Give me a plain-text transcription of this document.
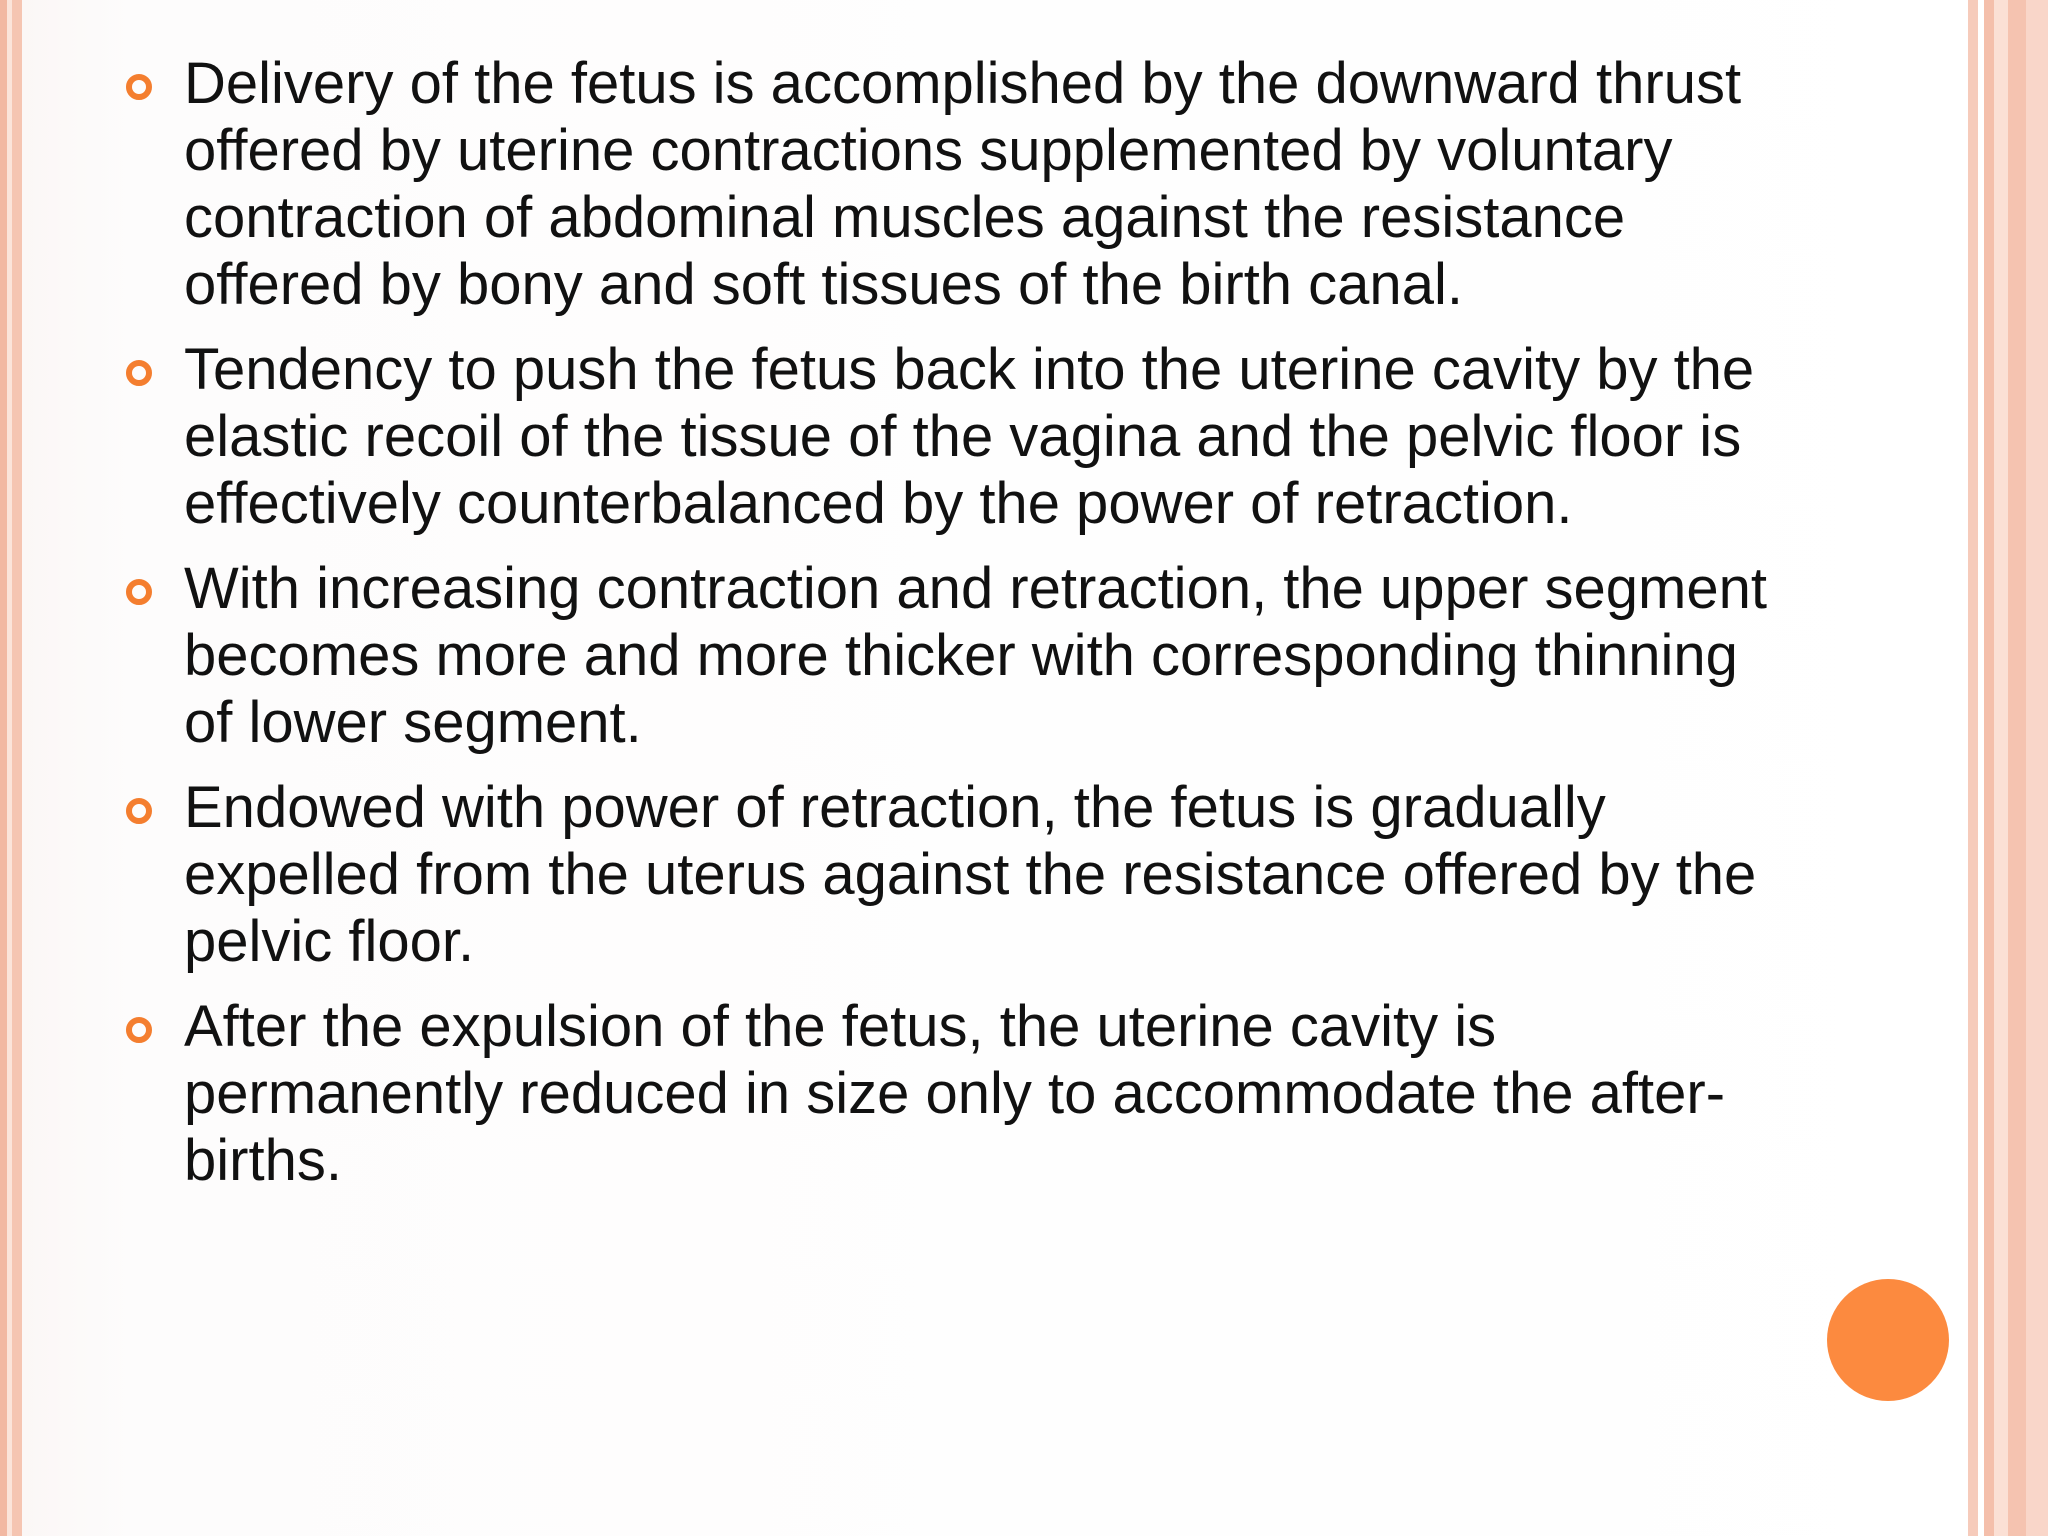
Delivery of the fetus is accomplished by the downward thrust
offered by uterine contractions supplemented by voluntary
contraction of abdominal muscles against the resistance
offered by bony and soft tissues of the birth canal.
Tendency to push the fetus back into the uterine cavity by the
elastic recoil of the tissue of the vagina and the pelvic floor is
effectively counterbalanced by the power of retraction.
With increasing contraction and retraction, the upper segment
becomes more and more thicker with corresponding thinning
of lower segment.
Endowed with power of retraction, the fetus is gradually
expelled from the uterus against the resistance offered by the
pelvic floor.
After the expulsion of the fetus, the uterine cavity is
permanently reduced in size only to accommodate the after-
births.
